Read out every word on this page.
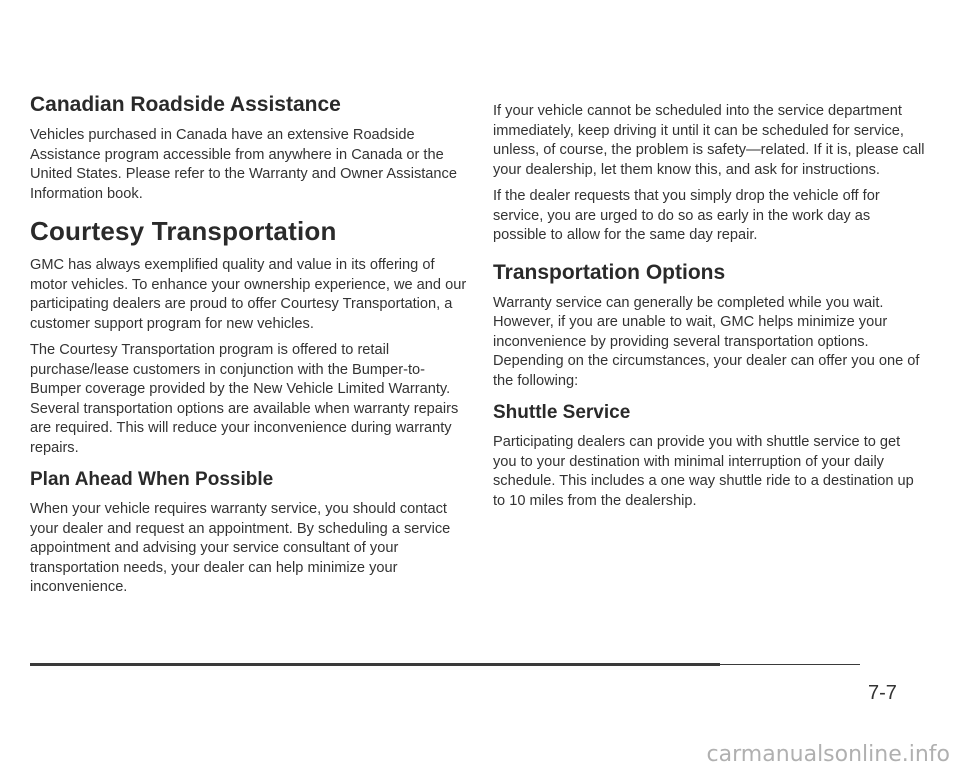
Canadian Roadside Assistance

Vehicles purchased in Canada have an extensive Roadside Assistance program accessible from anywhere in Canada or the United States. Please refer to the Warranty and Owner Assistance Information book.

Courtesy Transportation

GMC has always exemplified quality and value in its offering of motor vehicles. To enhance your ownership experience, we and our participating dealers are proud to offer Courtesy Transportation, a customer support program for new vehicles.

The Courtesy Transportation program is offered to retail purchase/lease customers in conjunction with the Bumper-to-Bumper coverage provided by the New Vehicle Limited Warranty. Several transportation options are available when warranty repairs are required. This will reduce your inconvenience during warranty repairs.

Plan Ahead When Possible

When your vehicle requires warranty service, you should contact your dealer and request an appointment. By scheduling a service appointment and advising your service consultant of your transportation needs, your dealer can help minimize your inconvenience.

If your vehicle cannot be scheduled into the service department immediately, keep driving it until it can be scheduled for service, unless, of course, the problem is safety—related. If it is, please call your dealership, let them know this, and ask for instructions.

If the dealer requests that you simply drop the vehicle off for service, you are urged to do so as early in the work day as possible to allow for the same day repair.

Transportation Options

Warranty service can generally be completed while you wait. However, if you are unable to wait, GMC helps minimize your inconvenience by providing several transportation options. Depending on the circumstances, your dealer can offer you one of the following:

Shuttle Service

Participating dealers can provide you with shuttle service to get you to your destination with minimal interruption of your daily schedule. This includes a one way shuttle ride to a destination up to 10 miles from the dealership.

7-7
carmanualsonline.info
